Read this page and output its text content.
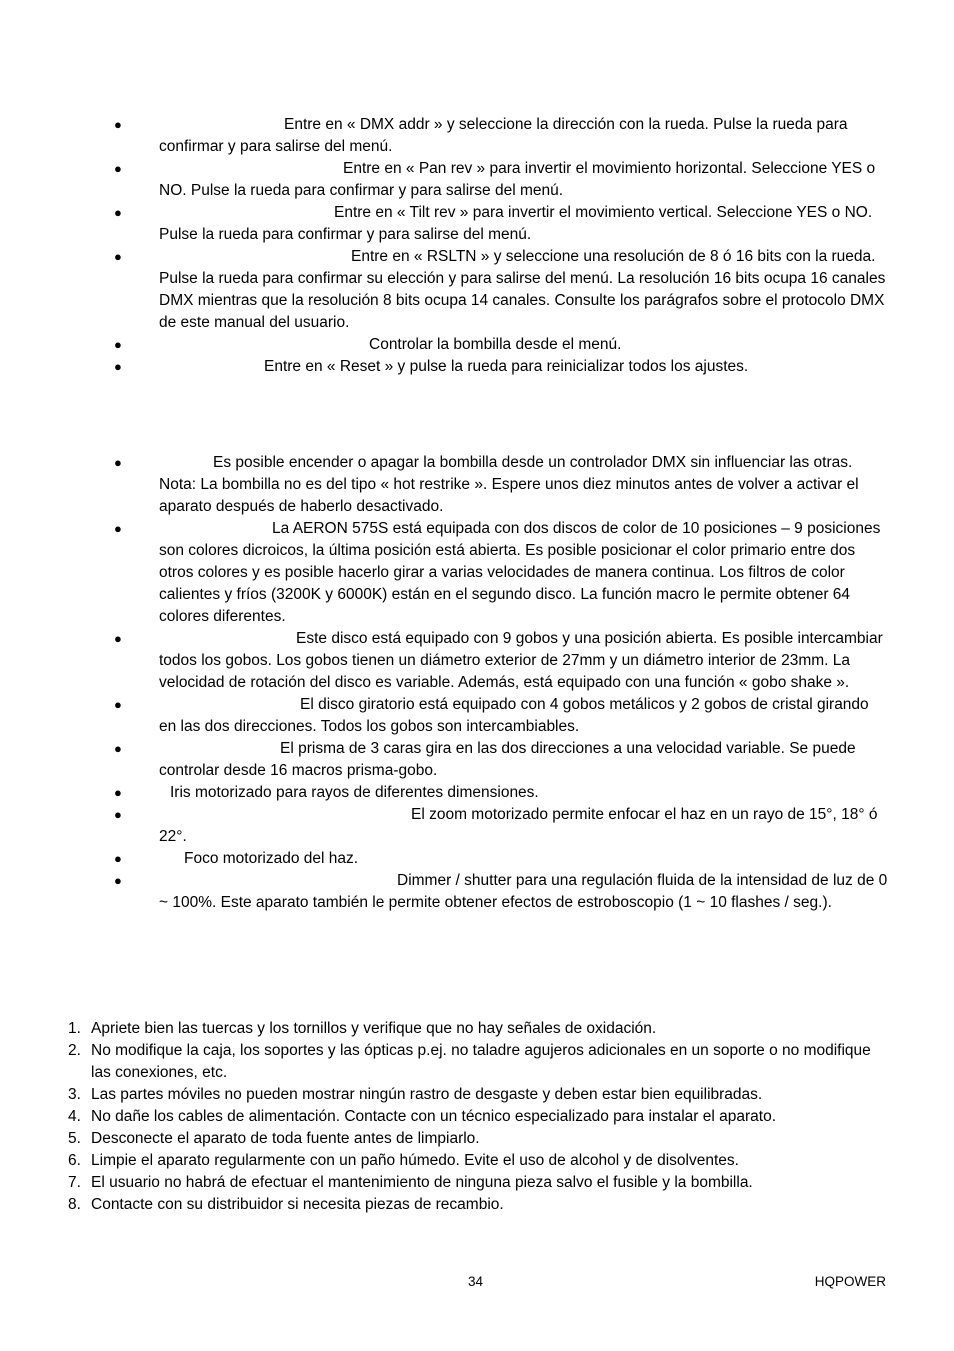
●	Entre en « DMX addr » y seleccione la dirección con la rueda. Pulse la rueda para confirmar y para salirse del menú.
●	Entre en « Pan rev » para invertir el movimiento horizontal. Seleccione YES o NO. Pulse la rueda para confirmar y para salirse del menú.
●	Entre en « Tilt rev » para invertir el movimiento vertical. Seleccione YES o NO. Pulse la rueda para confirmar y para salirse del menú.
●	Entre en « RSLTN » y seleccione una resolución de 8 ó 16 bits con la rueda. Pulse la rueda para confirmar su elección y para salirse del menú. La resolución 16 bits ocupa 16 canales DMX mientras que la resolución 8 bits ocupa 14 canales. Consulte los parágrafos sobre el protocolo DMX de este manual del usuario.
●	Controlar la bombilla desde el menú.
●	Entre en « Reset » y pulse la rueda para reinicializar todos los ajustes.
●	Es posible encender o apagar la bombilla desde un controlador DMX sin influenciar las otras. Nota: La bombilla no es del tipo « hot restrike ». Espere unos diez minutos antes de volver a activar el aparato después de haberlo desactivado.
●	La AERON 575S está equipada con dos discos de color de 10 posiciones – 9 posiciones son colores dicroicos, la última posición está abierta. Es posible posicionar el color primario entre dos otros colores y es posible hacerlo girar a varias velocidades de manera continua. Los filtros de color calientes y fríos (3200K y 6000K) están en el segundo disco. La función macro le permite obtener 64 colores diferentes.
●	Este disco está equipado con 9 gobos y una posición abierta. Es posible intercambiar todos los gobos. Los gobos tienen un diámetro exterior de 27mm y un diámetro interior de 23mm. La velocidad de rotación del disco es variable. Además, está equipado con una función « gobo shake ».
●	El disco giratorio está equipado con 4 gobos metálicos y 2 gobos de cristal girando en las dos direcciones. Todos los gobos son intercambiables.
●	El prisma de 3 caras gira en las dos direcciones a una velocidad variable. Se puede controlar desde 16 macros prisma-gobo.
●	Iris motorizado para rayos de diferentes dimensiones.
●	El zoom motorizado permite enfocar el haz en un rayo de 15°, 18° ó 22°.
●	Foco motorizado del haz.
●	Dimmer / shutter para una regulación fluida de la intensidad de luz de 0 ~ 100%. Este aparato también le permite obtener efectos de estroboscopio (1 ~ 10 flashes / seg.).
1. Apriete bien las tuercas y los tornillos y verifique que no hay señales de oxidación.
2. No modifique la caja, los soportes y las ópticas p.ej. no taladre agujeros adicionales en un soporte o no modifique las conexiones, etc.
3. Las partes móviles no pueden mostrar ningún rastro de desgaste y deben estar bien equilibradas.
4. No dañe los cables de alimentación. Contacte con un técnico especializado para instalar el aparato.
5. Desconecte el aparato de toda fuente antes de limpiarlo.
6. Limpie el aparato regularmente con un paño húmedo. Evite el uso de alcohol y de disolventes.
7. El usuario no habrá de efectuar el mantenimiento de ninguna pieza salvo el fusible y la bombilla.
8. Contacte con su distribuidor si necesita piezas de recambio.
34	HQPOWER
